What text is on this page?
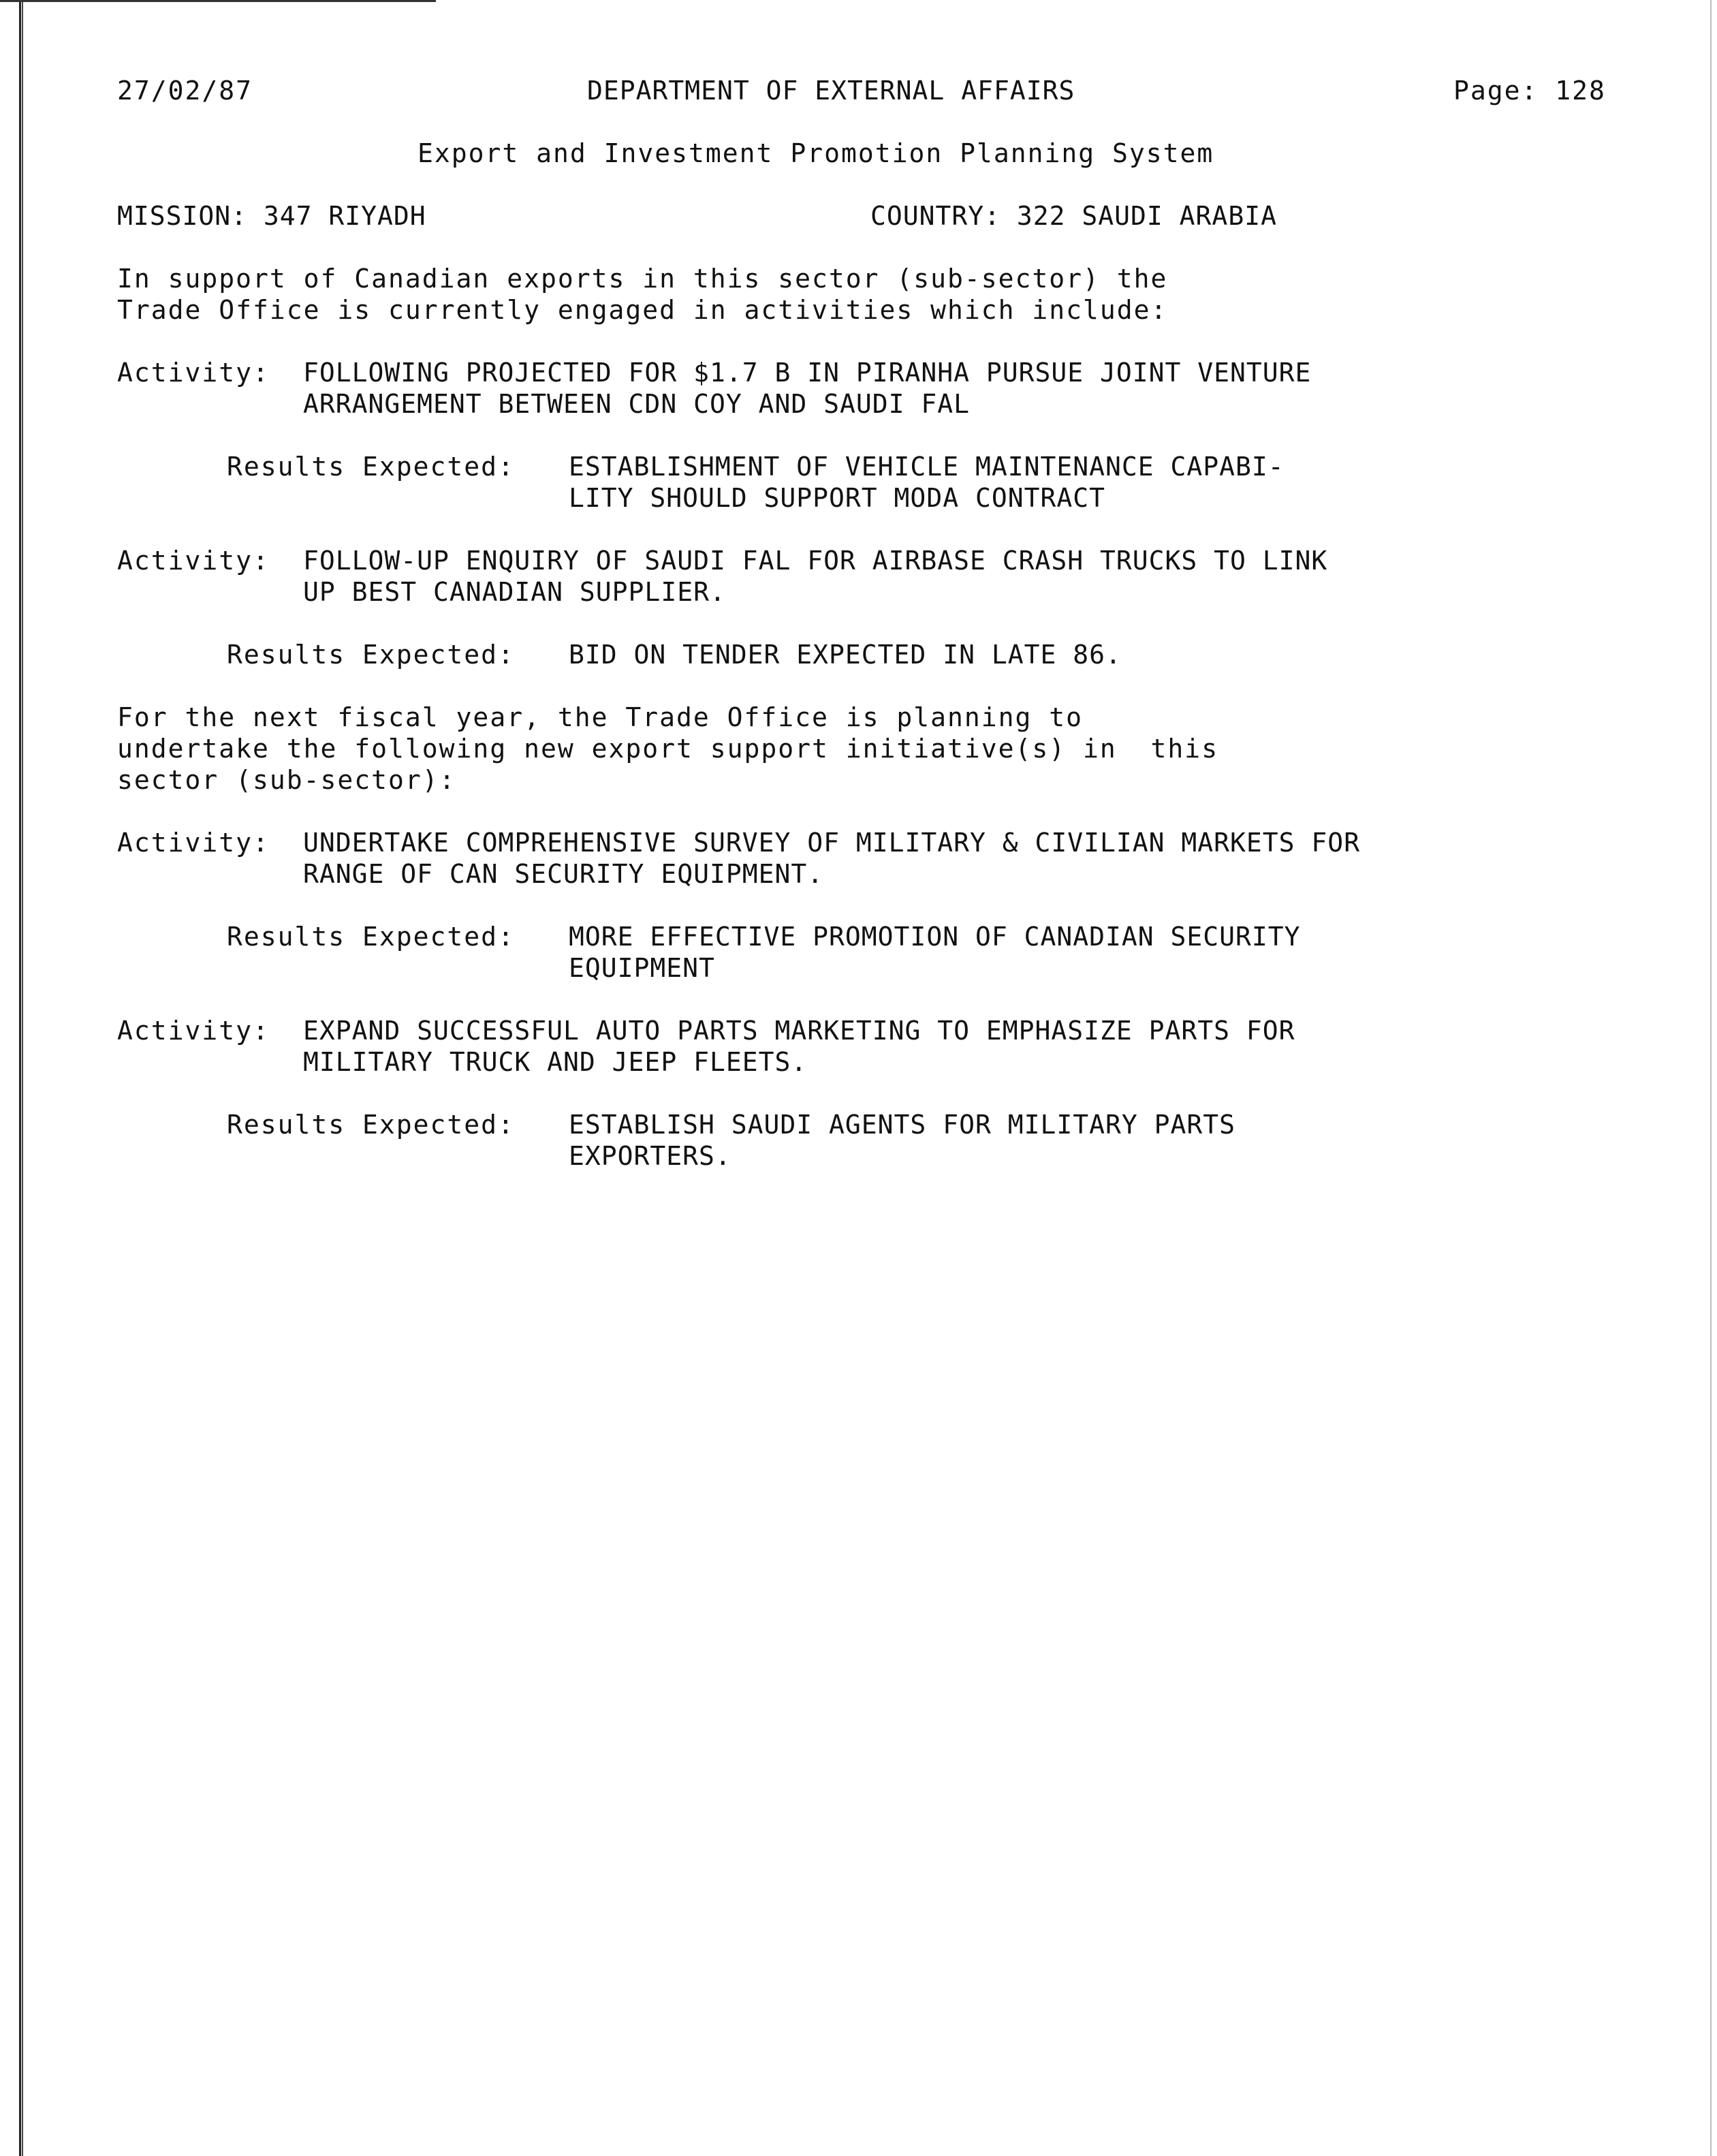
27/02/87	DEPARTMENT OF EXTERNAL AFFAIRS	Page: 128
Export and Investment Promotion Planning System
MISSION: 347 RIYADH	COUNTRY: 322 SAUDI ARABIA
In support of Canadian exports in this sector (sub-sector) the
Trade Office is currently engaged in activities which include:
Activity: FOLLOWING PROJECTED FOR $1.7 B IN PIRANHA PURSUE JOINT VENTURE
ARRANGEMENT BETWEEN CDN COY AND SAUDI FAL
Results Expected: ESTABLISHMENT OF VEHICLE MAINTENANCE CAPABI-
LITY SHOULD SUPPORT MODA CONTRACT
Activity: FOLLOW-UP ENQUIRY OF SAUDI FAL FOR AIRBASE CRASH TRUCKS TO LINK
UP BEST CANADIAN SUPPLIER.
Results Expected: BID ON TENDER EXPECTED IN LATE 86.
For the next fiscal year, the Trade Office is planning to
undertake the following new export support initiative(s) in  this
sector (sub-sector):
Activity: UNDERTAKE COMPREHENSIVE SURVEY OF MILITARY & CIVILIAN MARKETS FOR
RANGE OF CAN SECURITY EQUIPMENT.
Results Expected: MORE EFFECTIVE PROMOTION OF CANADIAN SECURITY
EQUIPMENT
Activity: EXPAND SUCCESSFUL AUTO PARTS MARKETING TO EMPHASIZE PARTS FOR
MILITARY TRUCK AND JEEP FLEETS.
Results Expected: ESTABLISH SAUDI AGENTS FOR MILITARY PARTS
EXPORTERS.
